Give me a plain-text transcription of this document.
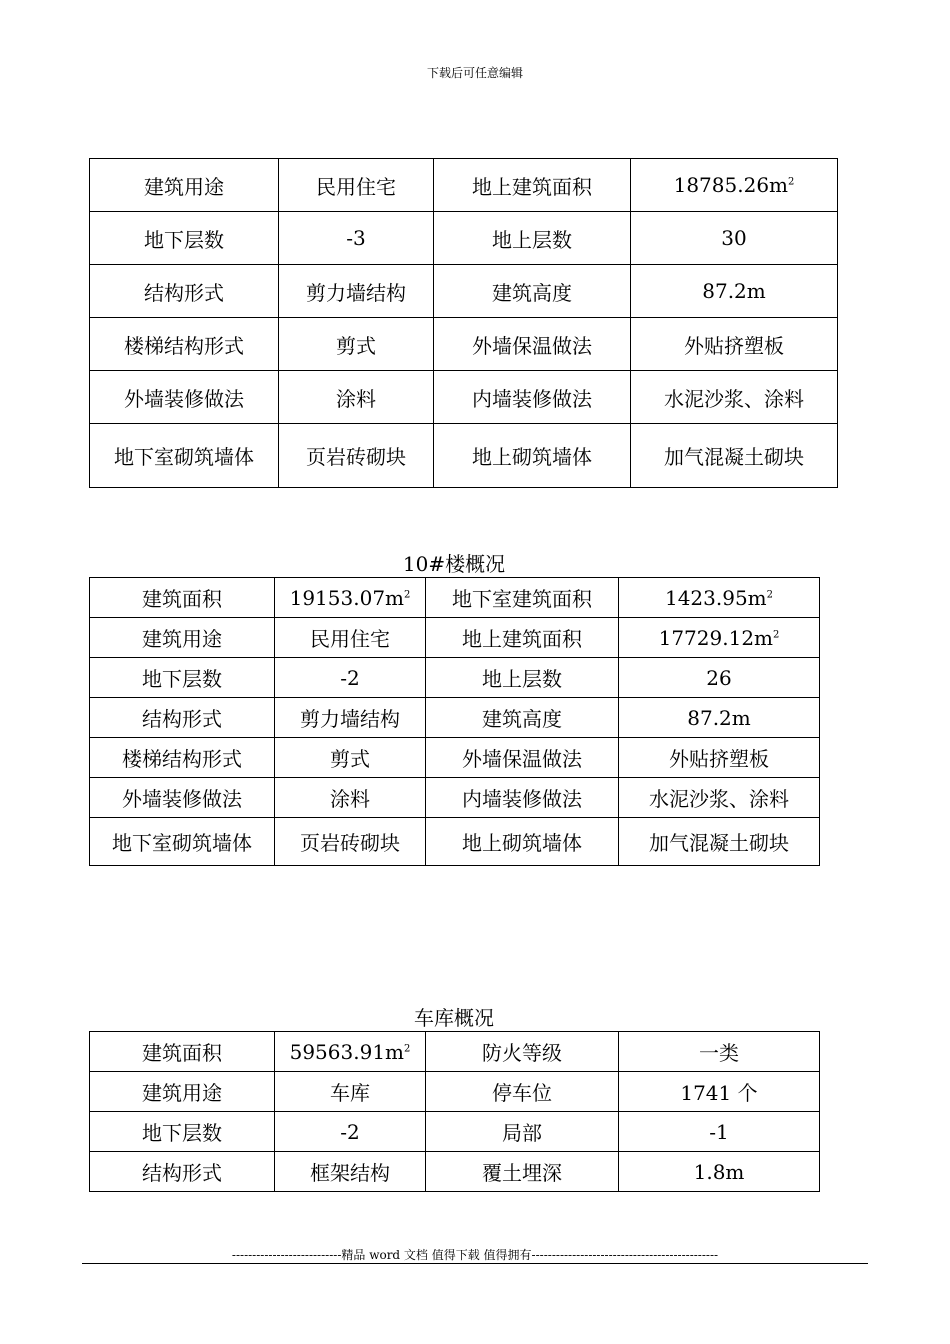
下载后可任意编辑
建筑用途	民用住宅	地上建筑面积	$18785.26m^2$
地下层数	-3	地上层数	30
结构形式	剪力墙结构	建筑高度	87.2m
楼梯结构形式	剪式	外墙保温做法	外贴挤塑板
外墙装修做法	涂料	内墙装修做法	水泥沙浆、涂料
地下室砌筑墙体	页岩砖砌块	地上砌筑墙体	加气混凝土砌块
10#楼概况
建筑面积	$19153.07m^2$	地下室建筑面积	$1423.95m^2$
建筑用途	民用住宅	地上建筑面积	$17729.12m^2$
地下层数	-2	地上层数	26
结构形式	剪力墙结构	建筑高度	87.2m
楼梯结构形式	剪式	外墙保温做法	外贴挤塑板
外墙装修做法	涂料	内墙装修做法	水泥沙浆、涂料
地下室砌筑墙体	页岩砖砌块	地上砌筑墙体	加气混凝土砌块
车库概况
建筑面积	$59563.91m^2$	防火等级	一类
建筑用途	车库	停车位	1741 个
地下层数	-2	局部	-1
结构形式	框架结构	覆土埋深	1.8m
---------------------------精品 word 文档 值得下载 值得拥有----------------------------------------------
